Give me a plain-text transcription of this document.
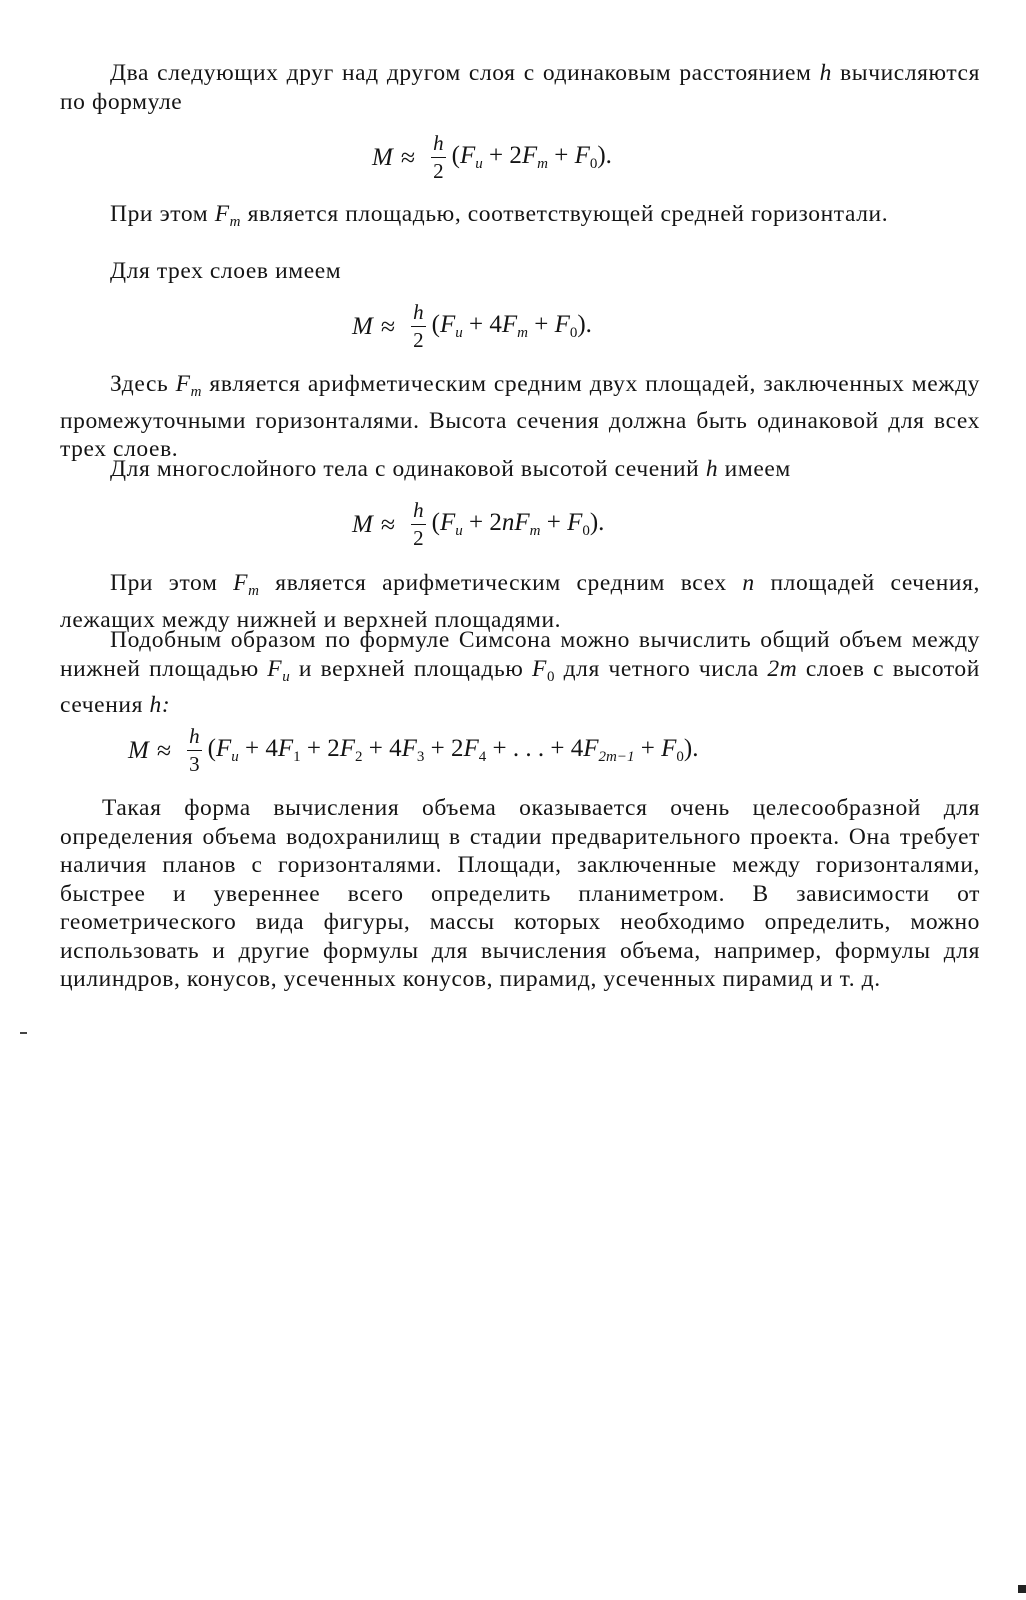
Два следующих друг над другом слоя с одинаковым расстоянием h вычисляются по формуле

$M \approx \frac{h}{2} (F_u + 2F_m + F_0)$.

При этом $F_m$ является площадью, соответствующей средней горизонтали.

Для трех слоев имеем

$M \approx \frac{h}{2} (F_u + 4F_m + F_0)$.

Здесь $F_m$ является арифметическим средним двух площадей, заключенных между промежуточными горизонталями. Высота сечения должна быть одинаковой для всех трех слоев.

Для многослойного тела с одинаковой высотой сечений h имеем

$M \approx \frac{h}{2} (F_u + 2nF_m + F_0)$.

При этом $F_m$ является арифметическим средним всех n площадей сечения, лежащих между нижней и верхней площадями.

Подобным образом по формуле Симсона можно вычислить общий объем между нижней площадью $F_u$ и верхней площадью $F_0$ для четного числа 2m слоев с высотой сечения h:

$M \approx \frac{h}{3} (F_u + 4F_1 + 2F_2 + 4F_3 + 2F_4$ + . . . + $4F_{2m-1} + F_0$).

Такая форма вычисления объема оказывается очень целесообразной для определения объема водохранилищ в стадии предварительного проекта. Она требует наличия планов с горизонталями. Площади, заключенные между горизонталями, быстрее и увереннее всего определить планиметром. В зависимости от геометрического вида фигуры, массы которых необходимо определить, можно использовать и другие формулы для вычисления объема, например, формулы для цилиндров, конусов, усеченных конусов, пирамид, усеченных пирамид и т. д.
